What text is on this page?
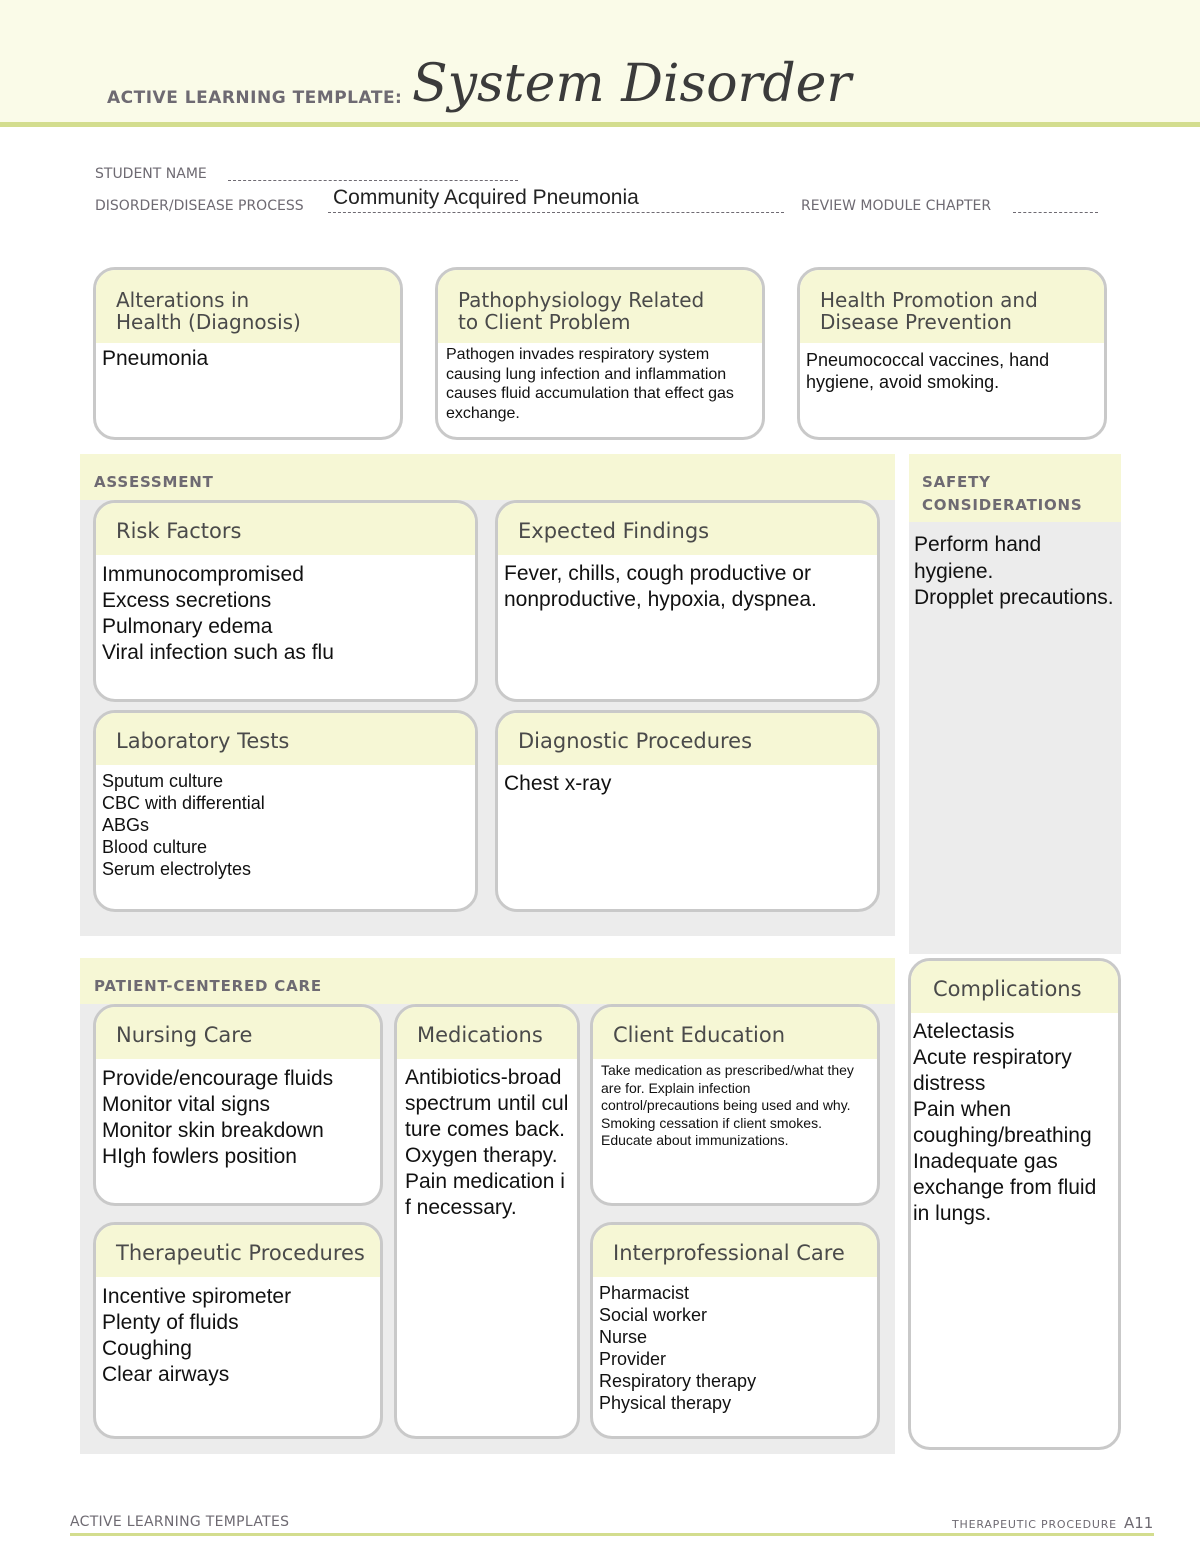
ACTIVE LEARNING TEMPLATE: System Disorder
STUDENT NAME
DISORDER/DISEASE PROCESS Community Acquired Pneumonia	REVIEW MODULE CHAPTER
Alterations in
Health (Diagnosis)
Pneumonia
Pathophysiology Related
to Client Problem
Pathogen invades respiratory system causing lung infection and inflammation causes fluid accumulation that effect gas exchange.
Health Promotion and
Disease Prevention
Pneumococcal vaccines, hand hygiene, avoid smoking.
ASSESSMENT
Risk Factors
Immunocompromised
Excess secretions
Pulmonary edema
Viral infection such as flu
Expected Findings
Fever, chills, cough productive or nonproductive, hypoxia, dyspnea.
Laboratory Tests
Sputum culture
CBC with differential
ABGs
Blood culture
Serum electrolytes
Diagnostic Procedures
Chest x-ray
SAFETY
CONSIDERATIONS
Perform hand hygiene.
Dropplet precautions.
PATIENT-CENTERED CARE
Nursing Care
Provide/encourage fluids
Monitor vital signs
Monitor skin breakdown
HIgh fowlers position
Medications
Antibiotics-broad spectrum until culture comes back.
Oxygen therapy.
Pain medication if necessary.
Client Education
Take medication as prescribed/what they are for. Explain infection control/precautions being used and why. Smoking cessation if client smokes. Educate about immunizations.
Therapeutic Procedures
Incentive spirometer
Plenty of fluids
Coughing
Clear airways
Interprofessional Care
Pharmacist
Social worker
Nurse
Provider
Respiratory therapy
Physical therapy
Complications
Atelectasis
Acute respiratory distress
Pain when coughing/breathing
Inadequate gas exchange from fluid in lungs.
ACTIVE LEARNING TEMPLATES	THERAPEUTIC PROCEDURE A11
